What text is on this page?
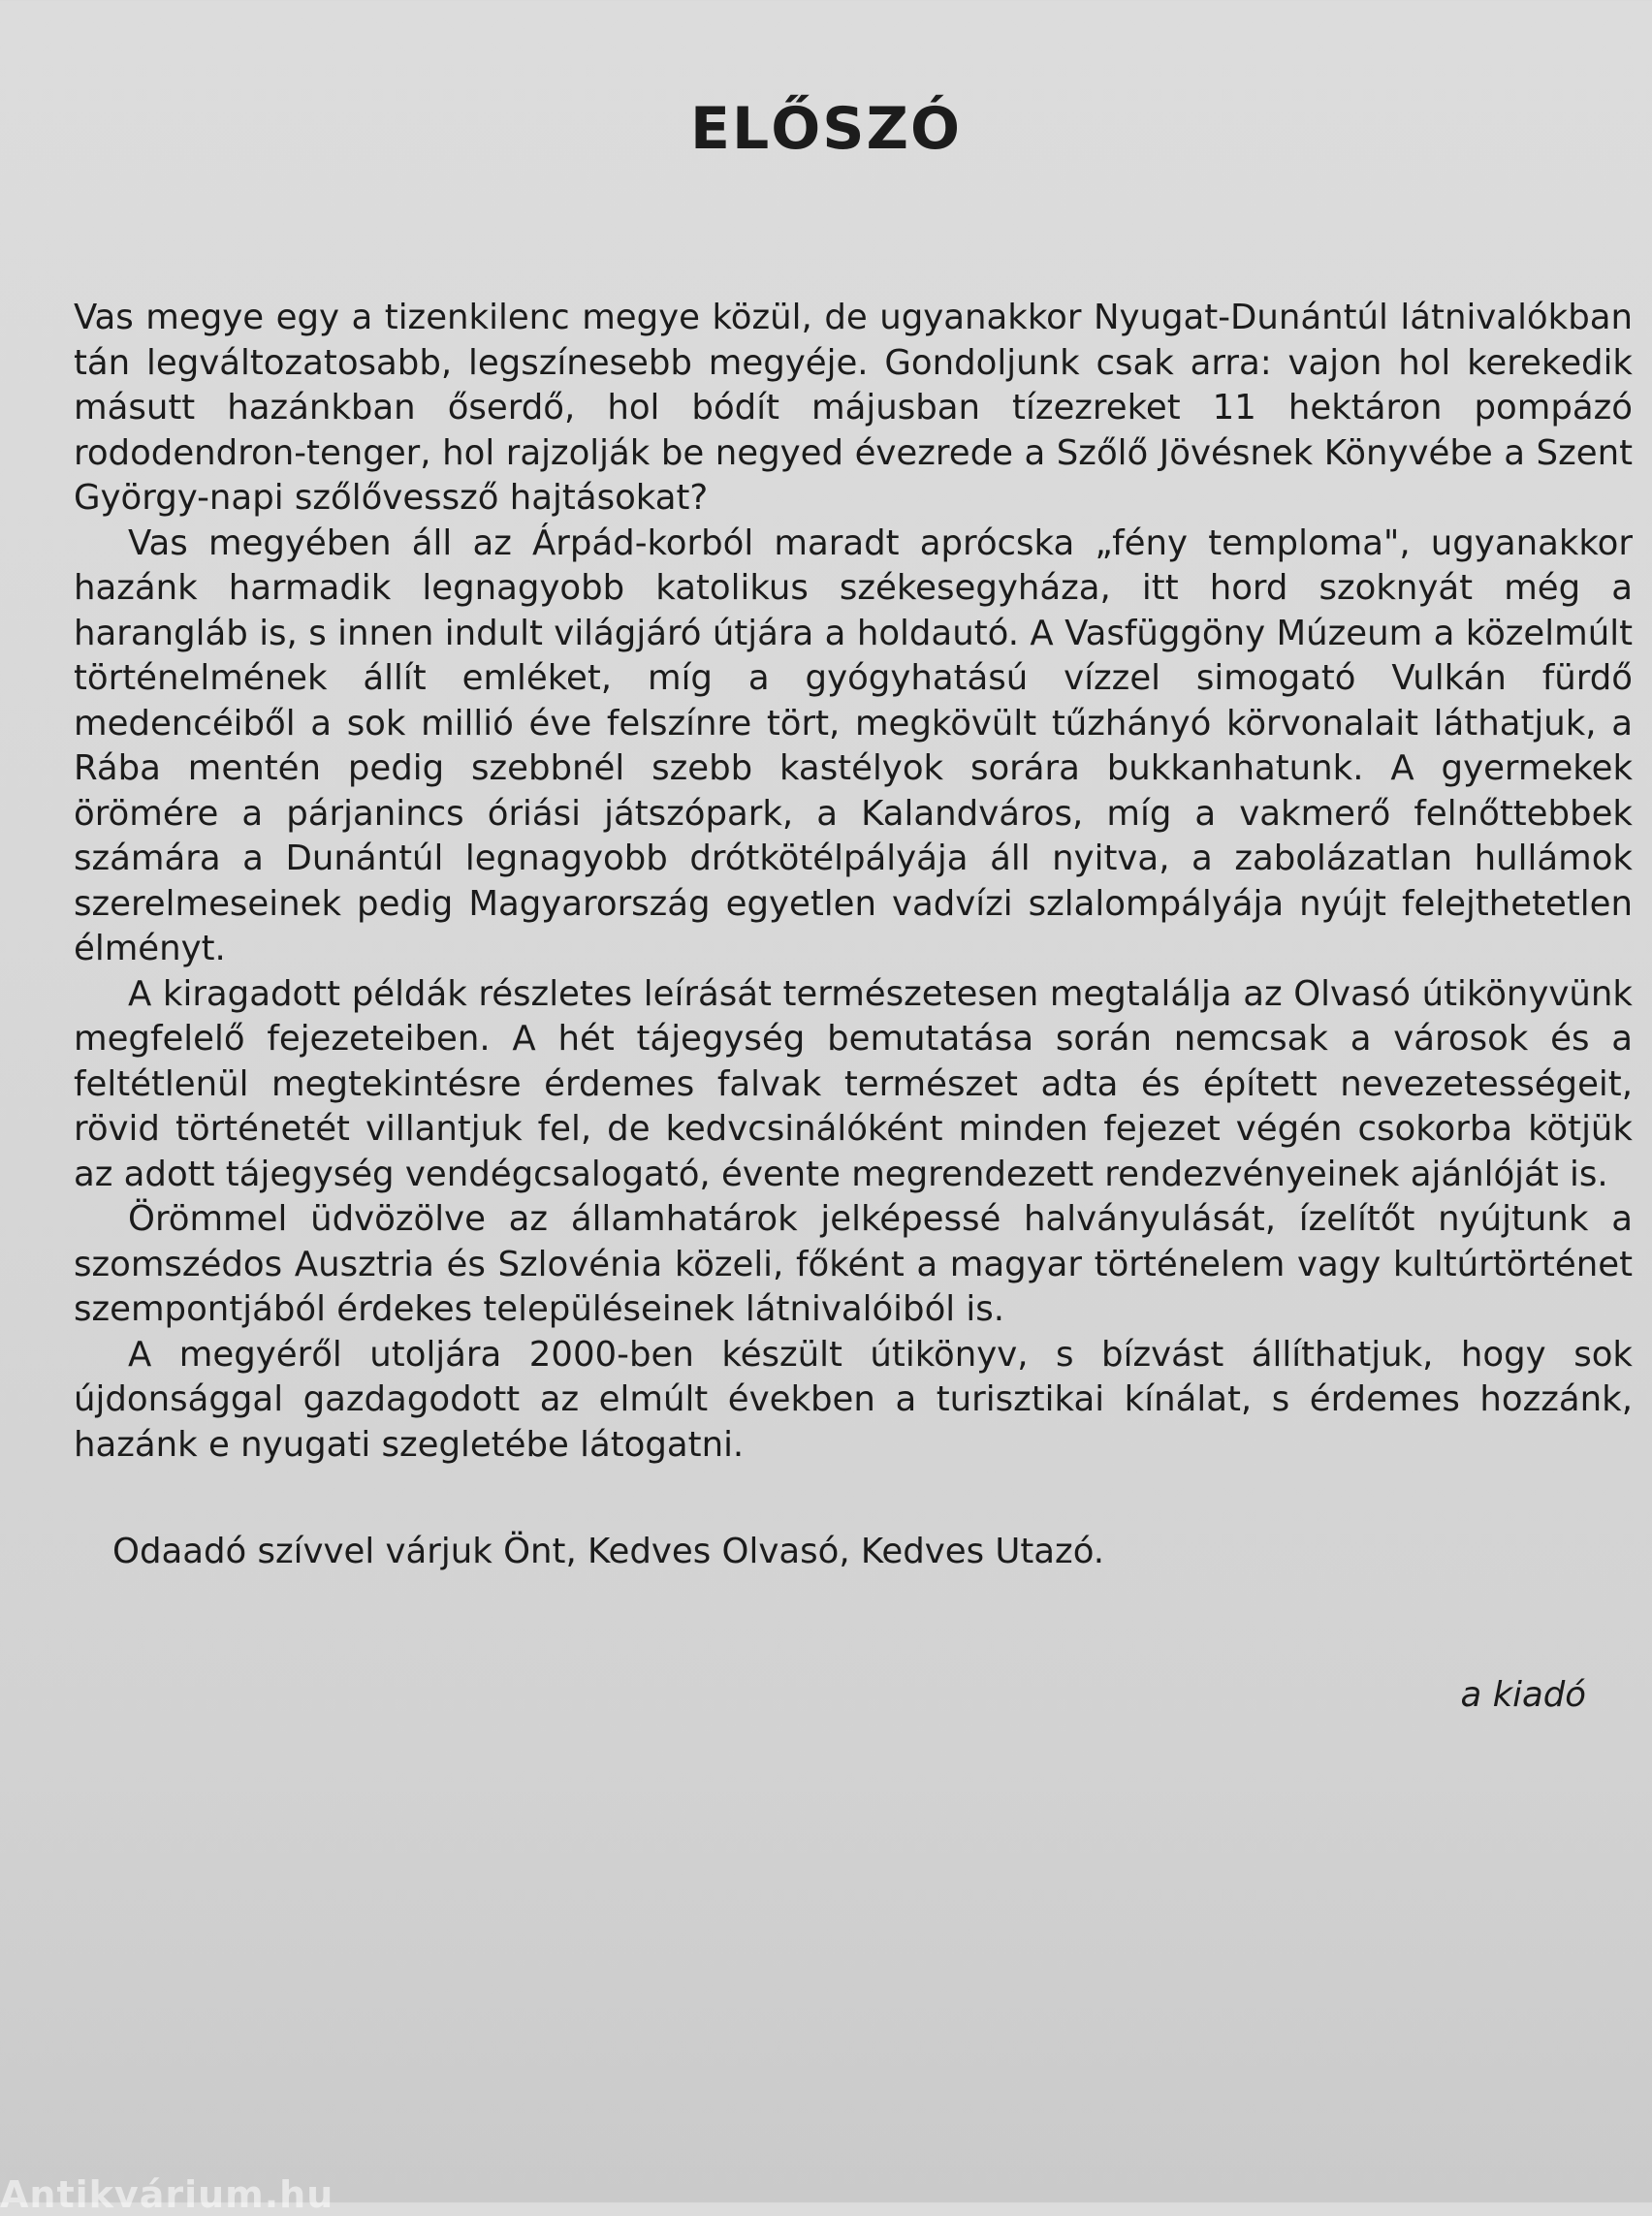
ELŐSZÓ

Vas megye egy a tizenkilenc megye közül, de ugyanakkor Nyugat-Dunántúl látnivalókban tán legváltozatosabb, legszínesebb megyéje. Gondoljunk csak arra: vajon hol kerekedik másutt hazánkban őserdő, hol bódít májusban tízezreket 11 hektáron pompázó rododendron-tenger, hol rajzolják be negyed évezrede a Szőlő Jövésnek Könyvébe a Szent György-napi szőlővessző hajtásokat?

Vas megyében áll az Árpád-korból maradt aprócska „fény temploma", ugyanakkor hazánk harmadik legnagyobb katolikus székesegyháza, itt hord szoknyát még a harangláb is, s innen indult világjáró útjára a holdautó. A Vasfüggöny Múzeum a közelmúlt történelmének állít emléket, míg a gyógyhatású vízzel simogató Vulkán fürdő medencéiből a sok millió éve felszínre tört, megkövült tűzhányó körvonalait láthatjuk, a Rába mentén pedig szebbnél szebb kastélyok sorára bukkanhatunk. A gyermekek örömére a párjanincs óriási játszópark, a Kalandváros, míg a vakmerő felnőttebbek számára a Dunántúl legnagyobb drótkötélpályája áll nyitva, a zabolázatlan hullámok szerelmeseinek pedig Magyarország egyetlen vadvízi szlalompályája nyújt felejthetetlen élményt.

A kiragadott példák részletes leírását természetesen megtalálja az Olvasó útikönyvünk megfelelő fejezeteiben. A hét tájegység bemutatása során nemcsak a városok és a feltétlenül megtekintésre érdemes falvak természet adta és épített nevezetességeit, rövid történetét villantjuk fel, de kedvcsinálóként minden fejezet végén csokorba kötjük az adott tájegység vendégcsalogató, évente megrendezett rendezvényeinek ajánlóját is.

Örömmel üdvözölve az államhatárok jelképessé halványulását, ízelítőt nyújtunk a szomszédos Ausztria és Szlovénia közeli, főként a magyar történelem vagy kultúrtörténet szempontjából érdekes településeinek látnivalóiból is.

A megyéről utoljára 2000-ben készült útikönyv, s bízvást állíthatjuk, hogy sok újdonsággal gazdagodott az elmúlt években a turisztikai kínálat, s érdemes hozzánk, hazánk e nyugati szegletébe látogatni.

Odaadó szívvel várjuk Önt, Kedves Olvasó, Kedves Utazó.
a kiadó
Antikvárium.hu
